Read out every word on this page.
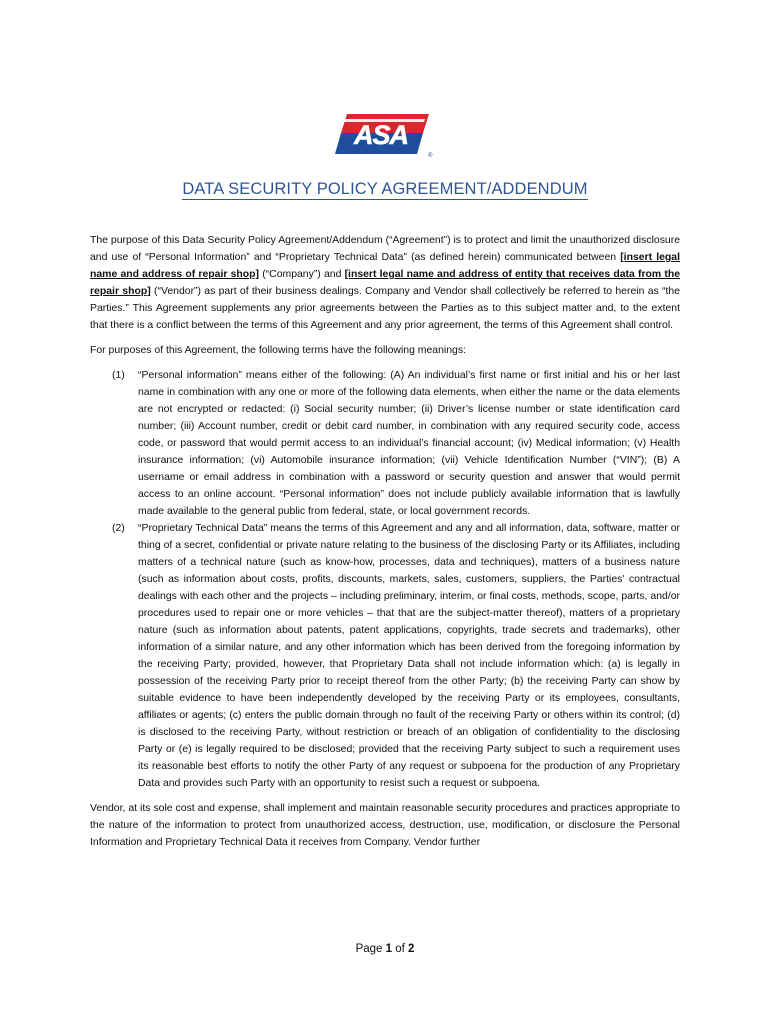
ASA
®
DATA SECURITY POLICY AGREEMENT/ADDENDUM

The purpose of this Data Security Policy Agreement/Addendum (“Agreement”) is to protect and limit the unauthorized disclosure and use of “Personal Information” and “Proprietary Technical Data” (as defined herein) communicated between [insert legal name and address of repair shop] (“Company”) and [insert legal name and address of entity that receives data from the repair shop] (“Vendor”) as part of their business dealings. Company and Vendor shall collectively be referred to herein as “the Parties.” This Agreement supplements any prior agreements between the Parties as to this subject matter and, to the extent that there is a conflict between the terms of this Agreement and any prior agreement, the terms of this Agreement shall control.

For purposes of this Agreement, the following terms have the following meanings:

(1) “Personal information” means either of the following: (A) An individual’s first name or first initial and his or her last name in combination with any one or more of the following data elements, when either the name or the data elements are not encrypted or redacted: (i) Social security number; (ii) Driver’s license number or state identification card number; (iii) Account number, credit or debit card number, in combination with any required security code, access code, or password that would permit access to an individual’s financial account; (iv) Medical information; (v) Health insurance information; (vi) Automobile insurance information; (vii) Vehicle Identification Number (“VIN”); (B) A username or email address in combination with a password or security question and answer that would permit access to an online account. “Personal information” does not include publicly available information that is lawfully made available to the general public from federal, state, or local government records.
(2) “Proprietary Technical Data” means the terms of this Agreement and any and all information, data, software, matter or thing of a secret, confidential or private nature relating to the business of the disclosing Party or its Affiliates, including matters of a technical nature (such as know-how, processes, data and techniques), matters of a business nature (such as information about costs, profits, discounts, markets, sales, customers, suppliers, the Parties' contractual dealings with each other and the projects – including preliminary, interim, or final costs, methods, scope, parts, and/or procedures used to repair one or more vehicles – that that are the subject-matter thereof), matters of a proprietary nature (such as information about patents, patent applications, copyrights, trade secrets and trademarks), other information of a similar nature, and any other information which has been derived from the foregoing information by the receiving Party; provided, however, that Proprietary Data shall not include information which: (a) is legally in possession of the receiving Party prior to receipt thereof from the other Party; (b) the receiving Party can show by suitable evidence to have been independently developed by the receiving Party or its employees, consultants, affiliates or agents; (c) enters the public domain through no fault of the receiving Party or others within its control; (d) is disclosed to the receiving Party, without restriction or breach of an obligation of confidentiality to the disclosing Party or (e) is legally required to be disclosed; provided that the receiving Party subject to such a requirement uses its reasonable best efforts to notify the other Party of any request or subpoena for the production of any Proprietary Data and provides such Party with an opportunity to resist such a request or subpoena.

Vendor, at its sole cost and expense, shall implement and maintain reasonable security procedures and practices appropriate to the nature of the information to protect from unauthorized access, destruction, use, modification, or disclosure the Personal Information and Proprietary Technical Data it receives from Company. Vendor further

Page 1 of 2
